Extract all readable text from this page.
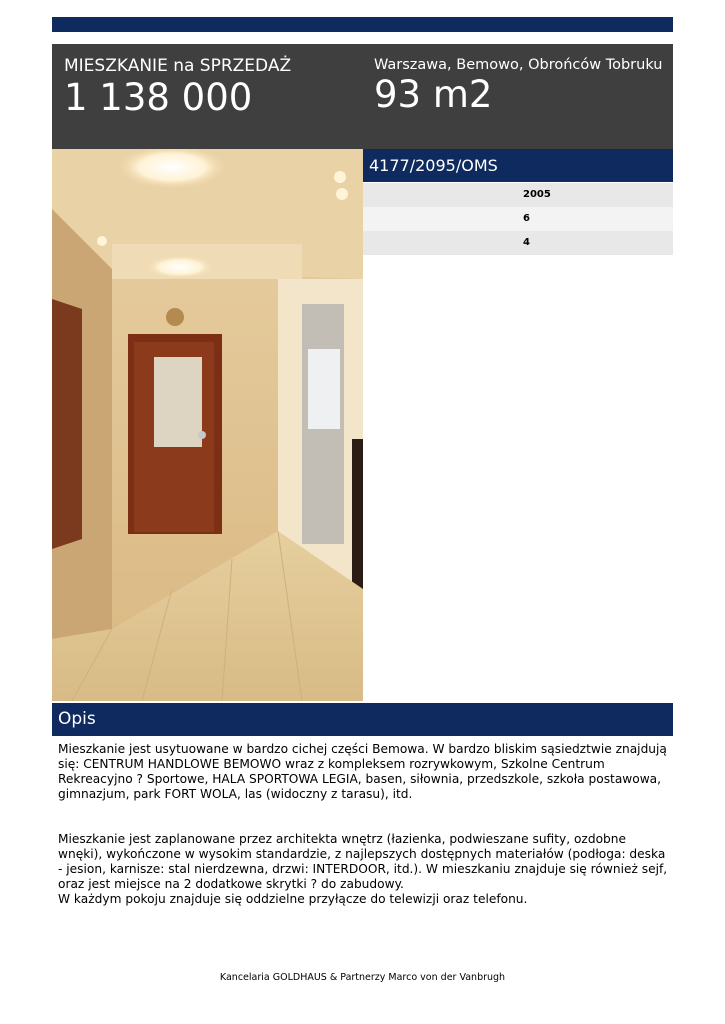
MIESZKANIE na SPRZEDAŻ
1 138 000
Warszawa, Bemowo, Obrońców Tobruku
93 m2
4177/2095/OMS
2005
6
4
Opis

Mieszkanie jest usytuowane w bardzo cichej części Bemowa. W bardzo bliskim sąsiedztwie znajdują się: CENTRUM HANDLOWE BEMOWO wraz z kompleksem rozrywkowym, Szkolne Centrum Rekreacyjno ? Sportowe, HALA SPORTOWA LEGIA, basen, siłownia, przedszkole, szkoła postawowa, gimnazjum, park FORT WOLA, las (widoczny z tarasu), itd.

Mieszkanie jest zaplanowane przez architekta wnętrz (łazienka, podwieszane sufity, ozdobne wnęki), wykończone w wysokim standardzie, z najlepszych dostępnych materiałów (podłoga: deska - jesion, karnisze: stal nierdzewna, drzwi: INTERDOOR, itd.). W mieszkaniu znajduje się również sejf, oraz jest miejsce na 2 dodatkowe skrytki ? do zabudowy.
W każdym pokoju znajduje się oddzielne przyłącze do telewizji oraz telefonu.

Kancelaria GOLDHAUS & Partnerzy Marco von der Vanbrugh
